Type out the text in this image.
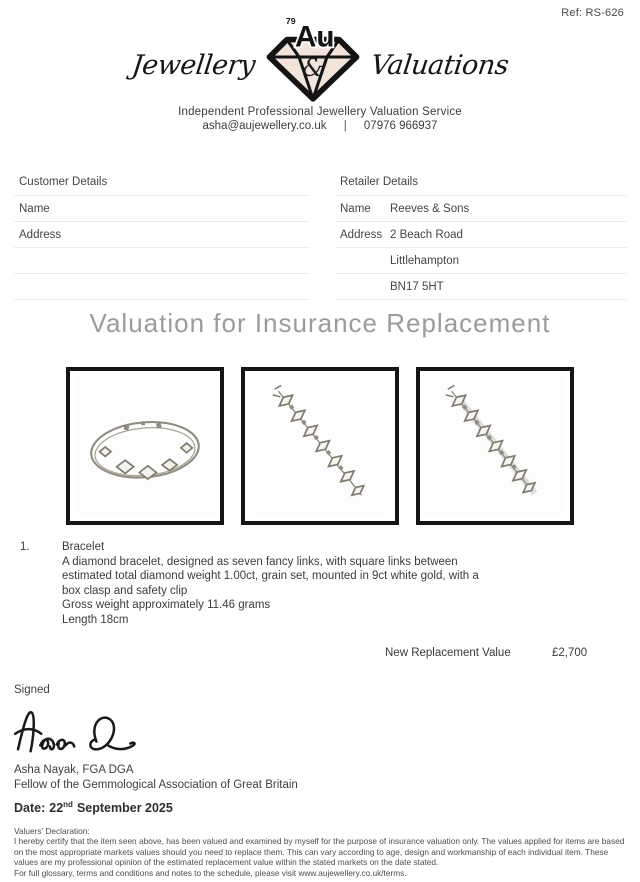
Ref: RS-626
Jewellery
79 Au
& Valuations
Independent Professional Jewellery Valuation Service
asha@aujewellery.co.uk | 07976 966937
Customer Details
Name
Address
Retailer Details
Name	Reeves & Sons
Address 2 Beach Road
Littlehampton
BN17 5HT
Valuation for Insurance Replacement
1.	Bracelet
A diamond bracelet, designed as seven fancy links, with square links between
estimated total diamond weight 1.00ct, grain set, mounted in 9ct white gold, with a
box clasp and safety clip
Gross weight approximately 11.46 grams
Length 18cm
New Replacement Value	£2,700
Signed
Asha Nayak, FGA DGA
Fellow of the Gemmological Association of Great Britain
Date: 22nd September 2025
Valuers' Declaration:
I hereby certify that the item seen above, has been valued and examined by myself for the purpose of insurance valuation only. The values applied for items are based on the most appropriate markets values should you need to replace them. This can vary according to age, design and workmanship of each individual item. These values are my professional opinion of the estimated replacement value within the stated markets on the date stated.
For full glossary, terms and conditions and notes to the schedule, please visit www.aujewellery.co.uk/terms.
